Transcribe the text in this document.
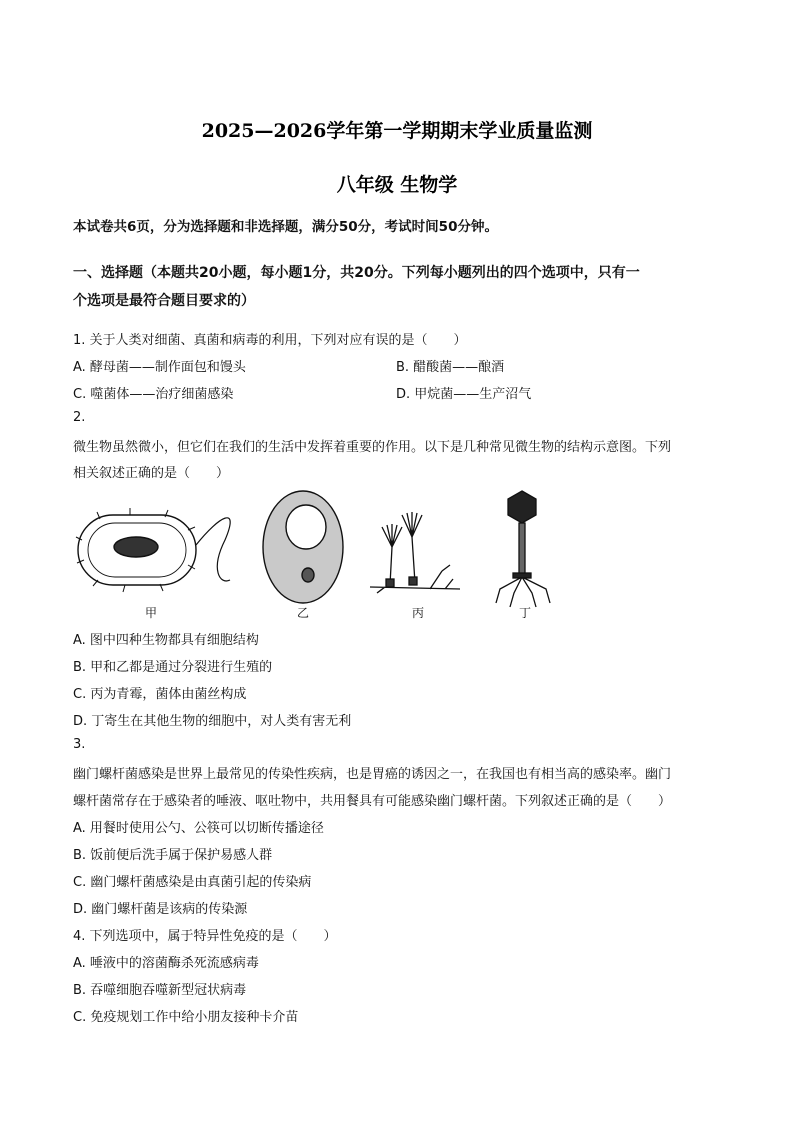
2025—2026学年第一学期期末学业质量监测
八年级 生物学
本试卷共6页，分为选择题和非选择题，满分50分，考试时间50分钟。
一、选择题（本题共20小题，每小题1分，共20分。下列每小题列出的四个选项中，只有一
个选项是最符合题目要求的）
1. 关于人类对细菌、真菌和病毒的利用，下列对应有误的是（　　）
A. 酵母菌——制作面包和馒头	B. 醋酸菌——酿酒
C. 噬菌体——治疗细菌感染	D. 甲烷菌——生产沼气
2.
微生物虽然微小，但它们在我们的生活中发挥着重要的作用。以下是几种常见微生物的结构示意图。下列
相关叙述正确的是（　　）
甲	乙	丙	丁
A. 图中四种生物都具有细胞结构
B. 甲和乙都是通过分裂进行生殖的
C. 丙为青霉，菌体由菌丝构成
D. 丁寄生在其他生物的细胞中，对人类有害无利
3.
幽门螺杆菌感染是世界上最常见的传染性疾病，也是胃癌的诱因之一，在我国也有相当高的感染率。幽门
螺杆菌常存在于感染者的唾液、呕吐物中，共用餐具有可能感染幽门螺杆菌。下列叙述正确的是（　　）
A. 用餐时使用公勺、公筷可以切断传播途径
B. 饭前便后洗手属于保护易感人群
C. 幽门螺杆菌感染是由真菌引起的传染病
D. 幽门螺杆菌是该病的传染源
4. 下列选项中，属于特异性免疫的是（　　）
A. 唾液中的溶菌酶杀死流感病毒
B. 吞噬细胞吞噬新型冠状病毒
C. 免疫规划工作中给小朋友接种卡介苗
